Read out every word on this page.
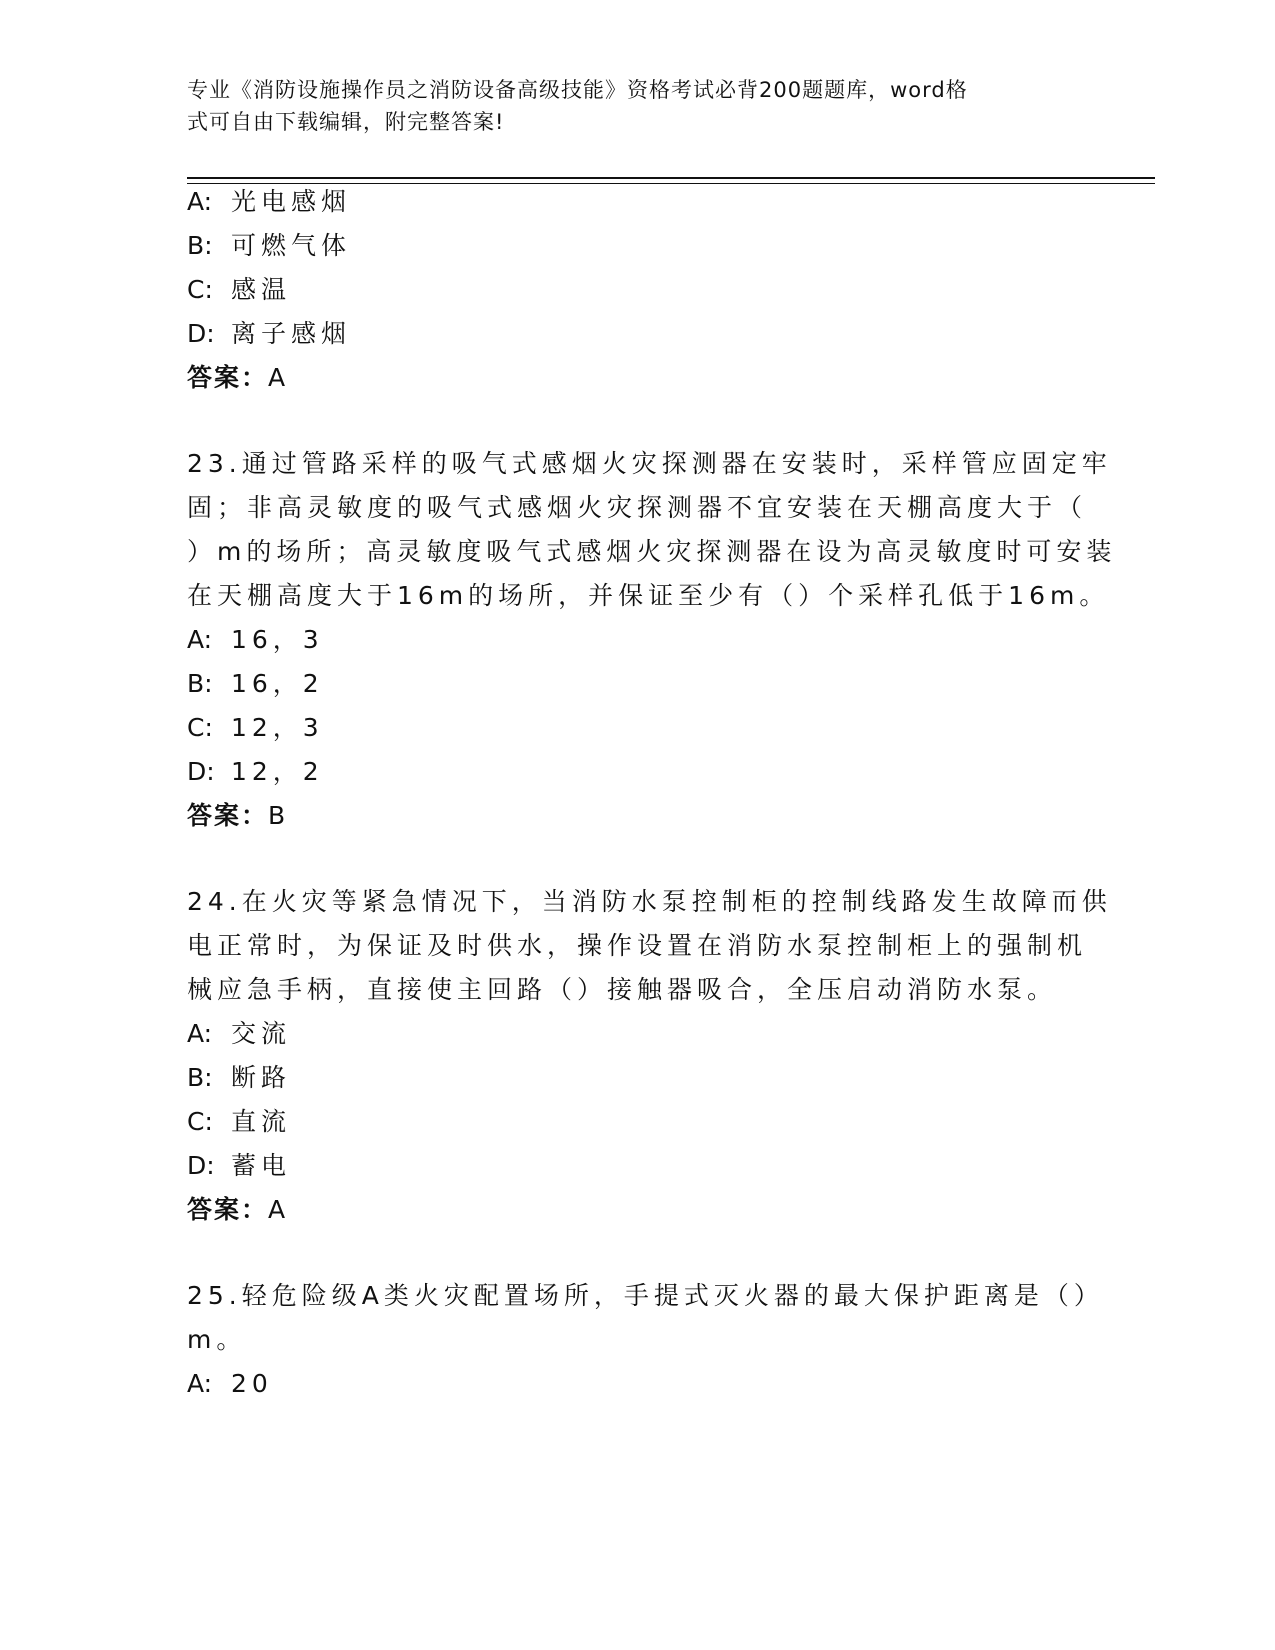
专业《消防设施操作员之消防设备高级技能》资格考试必背200题题库，word格
式可自由下载编辑，附完整答案!
A: 光电感烟
B: 可燃气体
C: 感温
D: 离子感烟
答案：A
23.通过管路采样的吸气式感烟火灾探测器在安装时，采样管应固定牢
固；非高灵敏度的吸气式感烟火灾探测器不宜安装在天棚高度大于（
）m的场所；高灵敏度吸气式感烟火灾探测器在设为高灵敏度时可安装
在天棚高度大于16m的场所，并保证至少有（）个采样孔低于16m。
A: 16，3
B: 16，2
C: 12，3
D: 12，2
答案：B
24.在火灾等紧急情况下，当消防水泵控制柜的控制线路发生故障而供
电正常时，为保证及时供水，操作设置在消防水泵控制柜上的强制机
械应急手柄，直接使主回路（）接触器吸合，全压启动消防水泵。
A: 交流
B: 断路
C: 直流
D: 蓄电
答案：A
25.轻危险级A类火灾配置场所，手提式灭火器的最大保护距离是（）
m。
A: 20
